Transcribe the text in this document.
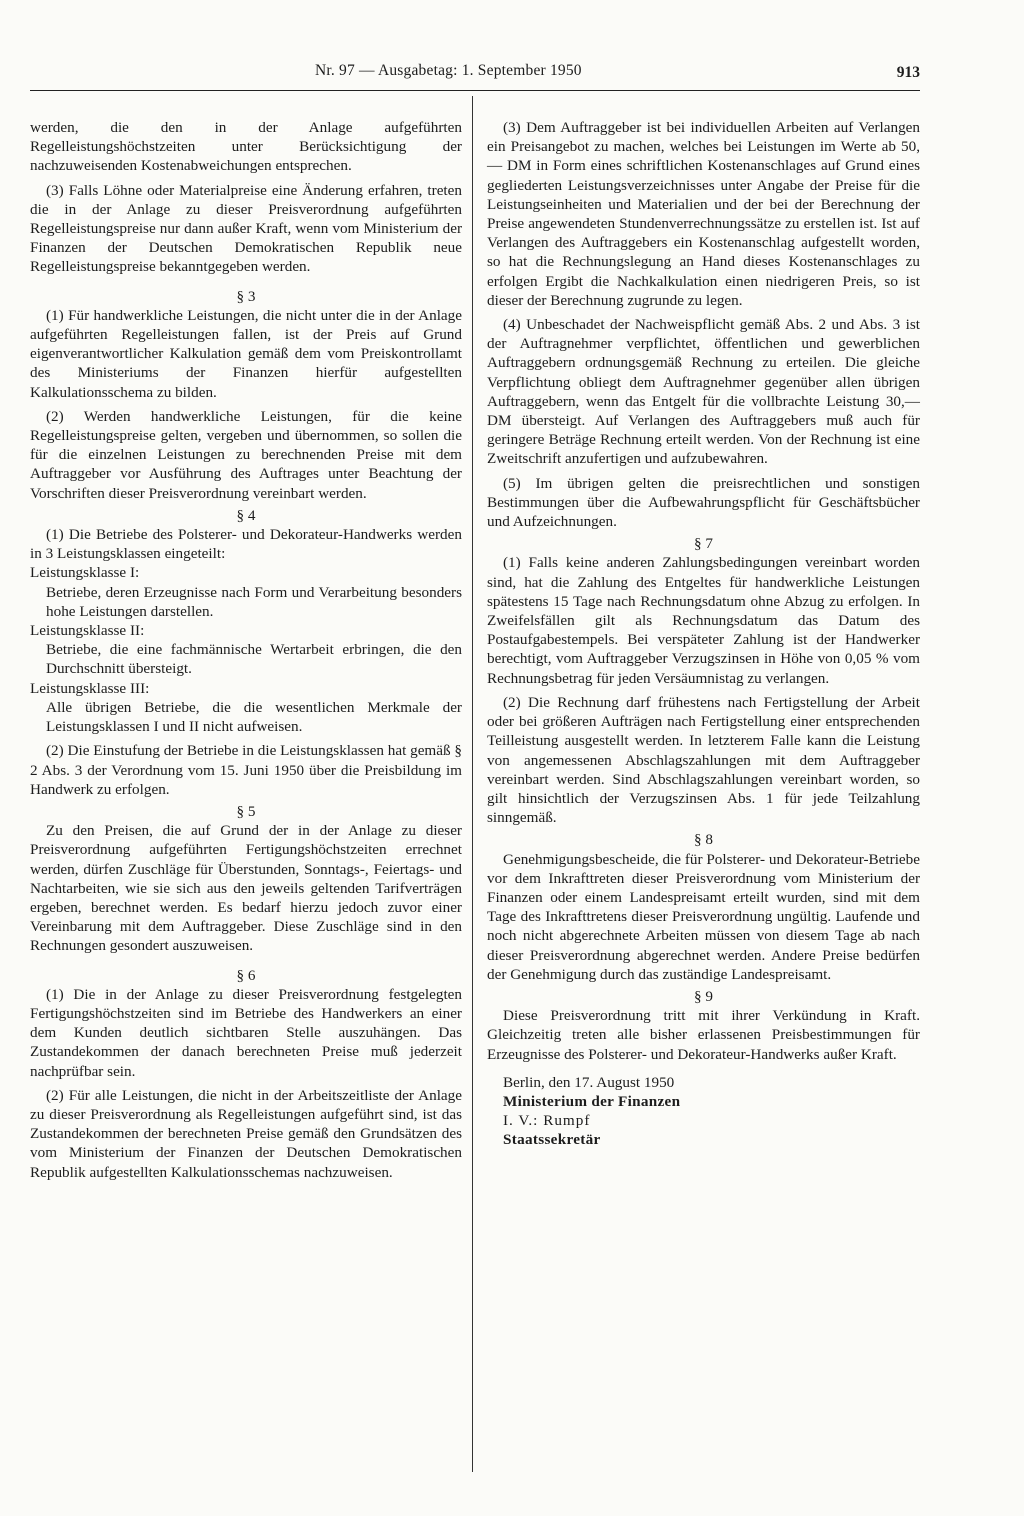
Nr. 97 — Ausgabetag: 1. September 1950	913

werden, die den in der Anlage aufgeführten Regelleistungshöchstzeiten unter Berücksichtigung der nachzuweisenden Kostenabweichungen entsprechen.

(3) Falls Löhne oder Materialpreise eine Änderung erfahren, treten die in der Anlage zu dieser Preisverordnung aufgeführten Regelleistungspreise nur dann außer Kraft, wenn vom Ministerium der Finanzen der Deutschen Demokratischen Republik neue Regelleistungspreise bekanntgegeben werden.

§ 3

(1) Für handwerkliche Leistungen, die nicht unter die in der Anlage aufgeführten Regelleistungen fallen, ist der Preis auf Grund eigenverantwortlicher Kalkulation gemäß dem vom Preiskontrollamt des Ministeriums der Finanzen hierfür aufgestellten Kalkulationsschema zu bilden.

(2) Werden handwerkliche Leistungen, für die keine Regelleistungspreise gelten, vergeben und übernommen, so sollen die für die einzelnen Leistungen zu berechnenden Preise mit dem Auftraggeber vor Ausführung des Auftrages unter Beachtung der Vorschriften dieser Preisverordnung vereinbart werden.

§ 4

(1) Die Betriebe des Polsterer- und Dekorateur-Handwerks werden in 3 Leistungsklassen eingeteilt:

Leistungsklasse I:

Betriebe, deren Erzeugnisse nach Form und Verarbeitung besonders hohe Leistungen darstellen.

Leistungsklasse II:

Betriebe, die eine fachmännische Wertarbeit erbringen, die den Durchschnitt übersteigt.

Leistungsklasse III:

Alle übrigen Betriebe, die die wesentlichen Merkmale der Leistungsklassen I und II nicht aufweisen.

(2) Die Einstufung der Betriebe in die Leistungsklassen hat gemäß § 2 Abs. 3 der Verordnung vom 15. Juni 1950 über die Preisbildung im Handwerk zu erfolgen.

§ 5

Zu den Preisen, die auf Grund der in der Anlage zu dieser Preisverordnung aufgeführten Fertigungshöchstzeiten errechnet werden, dürfen Zuschläge für Überstunden, Sonntags-, Feiertags- und Nachtarbeiten, wie sie sich aus den jeweils geltenden Tarifverträgen ergeben, berechnet werden. Es bedarf hierzu jedoch zuvor einer Vereinbarung mit dem Auftraggeber. Diese Zuschläge sind in den Rechnungen gesondert auszuweisen.

§ 6

(1) Die in der Anlage zu dieser Preisverordnung festgelegten Fertigungshöchstzeiten sind im Betriebe des Handwerkers an einer dem Kunden deutlich sichtbaren Stelle auszuhängen. Das Zustandekommen der danach berechneten Preise muß jederzeit nachprüfbar sein.

(2) Für alle Leistungen, die nicht in der Arbeitszeitliste der Anlage zu dieser Preisverordnung als Regelleistungen aufgeführt sind, ist das Zustandekommen der berechneten Preise gemäß den Grundsätzen des vom Ministerium der Finanzen der Deutschen Demokratischen Republik aufgestellten Kalkulationsschemas nachzuweisen.

(3) Dem Auftraggeber ist bei individuellen Arbeiten auf Verlangen ein Preisangebot zu machen, welches bei Leistungen im Werte ab 50,— DM in Form eines schriftlichen Kostenanschlages auf Grund eines gegliederten Leistungsverzeichnisses unter Angabe der Preise für die Leistungseinheiten und Materialien und der bei der Berechnung der Preise angewendeten Stundenverrechnungssätze zu erstellen ist. Ist auf Verlangen des Auftraggebers ein Kostenanschlag aufgestellt worden, so hat die Rechnungslegung an Hand dieses Kostenanschlages zu erfolgen Ergibt die Nachkalkulation einen niedrigeren Preis, so ist dieser der Berechnung zugrunde zu legen.

(4) Unbeschadet der Nachweispflicht gemäß Abs. 2 und Abs. 3 ist der Auftragnehmer verpflichtet, öffentlichen und gewerblichen Auftraggebern ordnungsgemäß Rechnung zu erteilen. Die gleiche Verpflichtung obliegt dem Auftragnehmer gegenüber allen übrigen Auftraggebern, wenn das Entgelt für die vollbrachte Leistung 30,— DM übersteigt. Auf Verlangen des Auftraggebers muß auch für geringere Beträge Rechnung erteilt werden. Von der Rechnung ist eine Zweitschrift anzufertigen und aufzubewahren.

(5) Im übrigen gelten die preisrechtlichen und sonstigen Bestimmungen über die Aufbewahrungspflicht für Geschäftsbücher und Aufzeichnungen.

§ 7

(1) Falls keine anderen Zahlungsbedingungen vereinbart worden sind, hat die Zahlung des Entgeltes für handwerkliche Leistungen spätestens 15 Tage nach Rechnungsdatum ohne Abzug zu erfolgen. In Zweifelsfällen gilt als Rechnungsdatum das Datum des Postaufgabestempels. Bei verspäteter Zahlung ist der Handwerker berechtigt, vom Auftraggeber Verzugszinsen in Höhe von 0,05 % vom Rechnungsbetrag für jeden Versäumnistag zu verlangen.

(2) Die Rechnung darf frühestens nach Fertigstellung der Arbeit oder bei größeren Aufträgen nach Fertigstellung einer entsprechenden Teilleistung ausgestellt werden. In letzterem Falle kann die Leistung von angemessenen Abschlagszahlungen mit dem Auftraggeber vereinbart werden. Sind Abschlagszahlungen vereinbart worden, so gilt hinsichtlich der Verzugszinsen Abs. 1 für jede Teilzahlung sinngemäß.

§ 8

Genehmigungsbescheide, die für Polsterer- und Dekorateur-Betriebe vor dem Inkrafttreten dieser Preisverordnung vom Ministerium der Finanzen oder einem Landespreisamt erteilt wurden, sind mit dem Tage des Inkrafttretens dieser Preisverordnung ungültig. Laufende und noch nicht abgerechnete Arbeiten müssen von diesem Tage ab nach dieser Preisverordnung abgerechnet werden. Andere Preise bedürfen der Genehmigung durch das zuständige Landespreisamt.

§ 9

Diese Preisverordnung tritt mit ihrer Verkündung in Kraft. Gleichzeitig treten alle bisher erlassenen Preisbestimmungen für Erzeugnisse des Polsterer- und Dekorateur-Handwerks außer Kraft.

Berlin, den 17. August 1950

Ministerium der Finanzen

I. V.: Rumpf

Staatssekretär
